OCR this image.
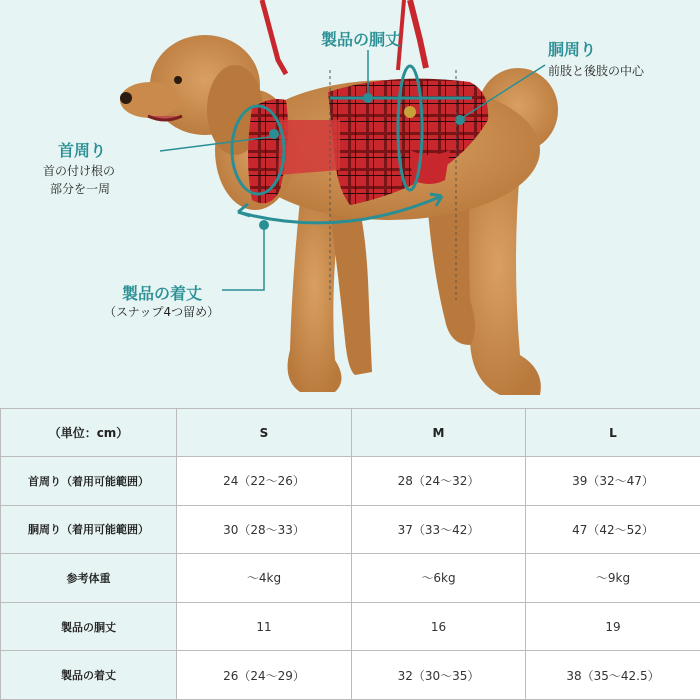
製品の胴丈
胴周り
前肢と後肢の中心
首周り
首の付け根の
部分を一周
製品の着丈
（スナップ4つ留め）
（単位：cm）	S	M	L
首周り（着用可能範囲）	24（22〜26）	28（24〜32）	39（32〜47）
胴周り（着用可能範囲）	30（28〜33）	37（33〜42）	47（42〜52）
参考体重	〜4kg	〜6kg	〜9kg
製品の胴丈	11	16	19
製品の着丈	26（24〜29）	32（30〜35）	38（35〜42.5）
